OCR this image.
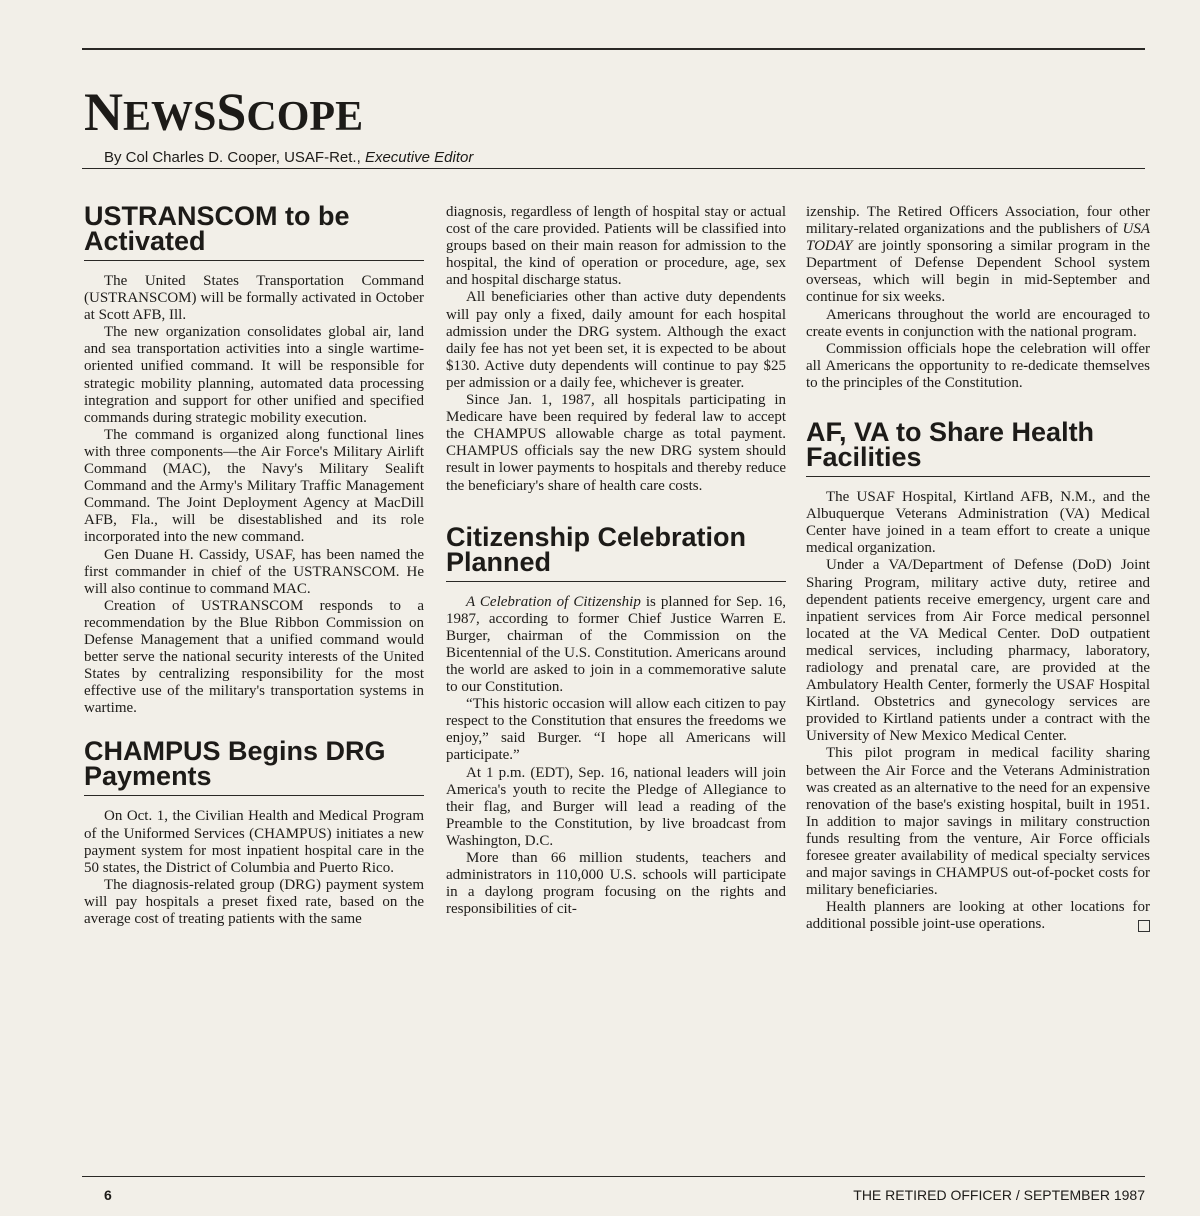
NEWSSCOPE

By Col Charles D. Cooper, USAF-Ret., Executive Editor

USTRANSCOM to be Activated

The United States Transportation Command (USTRANSCOM) will be formally activated in October at Scott AFB, Ill.

The new organization consolidates global air, land and sea transportation activities into a single wartime-oriented unified command. It will be responsible for strategic mobility planning, automated data processing integration and support for other unified and specified commands during strategic mobility execution.

The command is organized along functional lines with three components—the Air Force's Military Airlift Command (MAC), the Navy's Military Sealift Command and the Army's Military Traffic Management Command. The Joint Deployment Agency at MacDill AFB, Fla., will be disestablished and its role incorporated into the new command.

Gen Duane H. Cassidy, USAF, has been named the first commander in chief of the USTRANSCOM. He will also continue to command MAC.

Creation of USTRANSCOM responds to a recommendation by the Blue Ribbon Commission on Defense Management that a unified command would better serve the national security interests of the United States by centralizing responsibility for the most effective use of the military's transportation systems in wartime.

CHAMPUS Begins DRG Payments

On Oct. 1, the Civilian Health and Medical Program of the Uniformed Services (CHAMPUS) initiates a new payment system for most inpatient hospital care in the 50 states, the District of Columbia and Puerto Rico.

The diagnosis-related group (DRG) payment system will pay hospitals a preset fixed rate, based on the average cost of treating patients with the same

diagnosis, regardless of length of hospital stay or actual cost of the care provided. Patients will be classified into groups based on their main reason for admission to the hospital, the kind of operation or procedure, age, sex and hospital discharge status.

All beneficiaries other than active duty dependents will pay only a fixed, daily amount for each hospital admission under the DRG system. Although the exact daily fee has not yet been set, it is expected to be about $130. Active duty dependents will continue to pay $25 per admission or a daily fee, whichever is greater.

Since Jan. 1, 1987, all hospitals participating in Medicare have been required by federal law to accept the CHAMPUS allowable charge as total payment. CHAMPUS officials say the new DRG system should result in lower payments to hospitals and thereby reduce the beneficiary's share of health care costs.

Citizenship Celebration Planned

A Celebration of Citizenship is planned for Sep. 16, 1987, according to former Chief Justice Warren E. Burger, chairman of the Commission on the Bicentennial of the U.S. Constitution. Americans around the world are asked to join in a commemorative salute to our Constitution.

“This historic occasion will allow each citizen to pay respect to the Constitution that ensures the freedoms we enjoy,” said Burger. “I hope all Americans will participate.”

At 1 p.m. (EDT), Sep. 16, national leaders will join America's youth to recite the Pledge of Allegiance to their flag, and Burger will lead a reading of the Preamble to the Constitution, by live broadcast from Washington, D.C.

More than 66 million students, teachers and administrators in 110,000 U.S. schools will participate in a daylong program focusing on the rights and responsibilities of cit-

izenship. The Retired Officers Association, four other military-related organizations and the publishers of USA TODAY are jointly sponsoring a similar program in the Department of Defense Dependent School system overseas, which will begin in mid-September and continue for six weeks.

Americans throughout the world are encouraged to create events in conjunction with the national program.

Commission officials hope the celebration will offer all Americans the opportunity to re-dedicate themselves to the principles of the Constitution.

AF, VA to Share Health Facilities

The USAF Hospital, Kirtland AFB, N.M., and the Albuquerque Veterans Administration (VA) Medical Center have joined in a team effort to create a unique medical organization.

Under a VA/Department of Defense (DoD) Joint Sharing Program, military active duty, retiree and dependent patients receive emergency, urgent care and inpatient services from Air Force medical personnel located at the VA Medical Center. DoD outpatient medical services, including pharmacy, laboratory, radiology and prenatal care, are provided at the Ambulatory Health Center, formerly the USAF Hospital Kirtland. Obstetrics and gynecology services are provided to Kirtland patients under a contract with the University of New Mexico Medical Center.

This pilot program in medical facility sharing between the Air Force and the Veterans Administration was created as an alternative to the need for an expensive renovation of the base's existing hospital, built in 1951. In addition to major savings in military construction funds resulting from the venture, Air Force officials foresee greater availability of medical specialty services and major savings in CHAMPUS out-of-pocket costs for military beneficiaries.

Health planners are looking at other locations for additional possible joint-use operations.

6	THE RETIRED OFFICER / SEPTEMBER 1987
